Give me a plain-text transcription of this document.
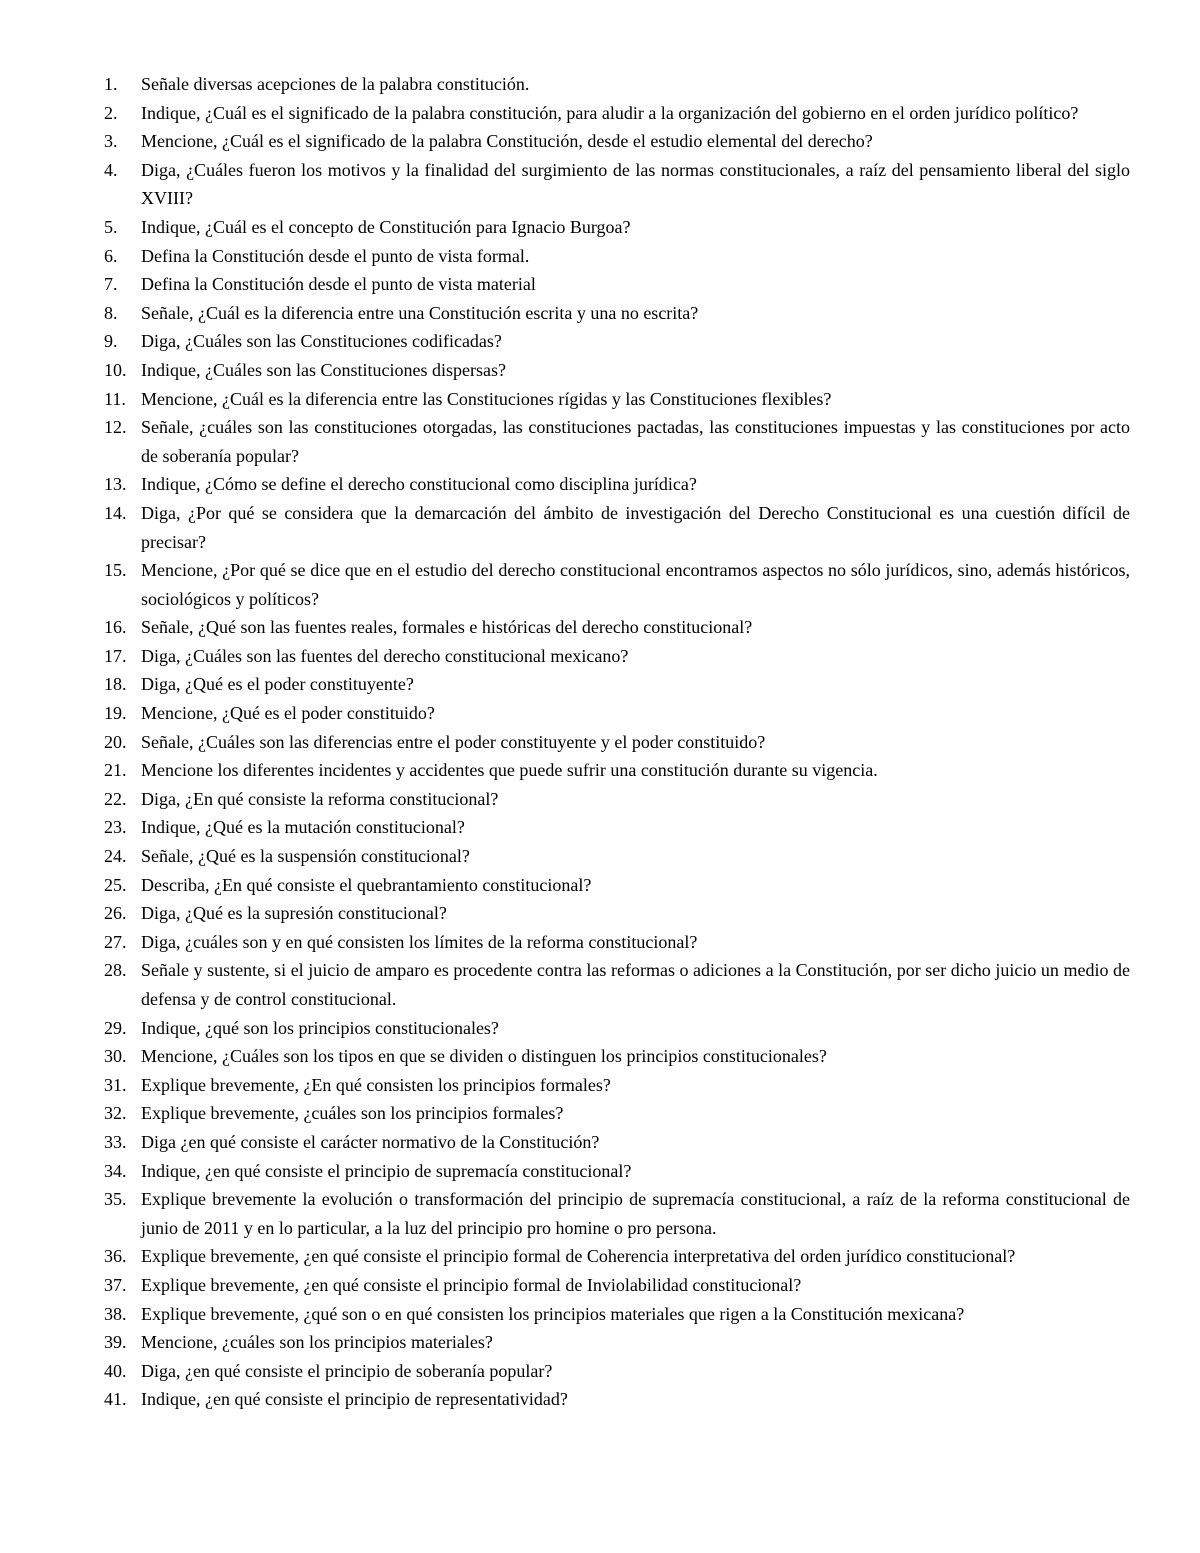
1. Señale diversas acepciones de la palabra constitución.
2. Indique, ¿Cuál es el significado de la palabra constitución, para aludir a la organización del gobierno en el orden jurídico político?
3. Mencione, ¿Cuál es el significado de la palabra Constitución, desde el estudio elemental del derecho?
4. Diga, ¿Cuáles fueron los motivos y la finalidad del surgimiento de las normas constitucionales, a raíz del pensamiento liberal del siglo XVIII?
5. Indique, ¿Cuál es el concepto de Constitución para Ignacio Burgoa?
6. Defina la Constitución desde el punto de vista formal.
7. Defina la Constitución desde el punto de vista material
8. Señale, ¿Cuál es la diferencia entre una Constitución escrita y una no escrita?
9. Diga, ¿Cuáles son las Constituciones codificadas?
10. Indique, ¿Cuáles son las Constituciones dispersas?
11. Mencione, ¿Cuál es la diferencia entre las Constituciones rígidas y las Constituciones flexibles?
12. Señale, ¿cuáles son las constituciones otorgadas, las constituciones pactadas, las constituciones impuestas y las constituciones por acto de soberanía popular?
13. Indique, ¿Cómo se define el derecho constitucional como disciplina jurídica?
14. Diga, ¿Por qué se considera que la demarcación del ámbito de investigación del Derecho Constitucional es una cuestión difícil de precisar?
15. Mencione, ¿Por qué se dice que en el estudio del derecho constitucional encontramos aspectos no sólo jurídicos, sino, además históricos, sociológicos y políticos?
16. Señale, ¿Qué son las fuentes reales, formales e históricas del derecho constitucional?
17. Diga, ¿Cuáles son las fuentes del derecho constitucional mexicano?
18. Diga, ¿Qué es el poder constituyente?
19. Mencione, ¿Qué es el poder constituido?
20. Señale, ¿Cuáles son las diferencias entre el poder constituyente y el poder constituido?
21. Mencione los diferentes incidentes y accidentes que puede sufrir una constitución durante su vigencia.
22. Diga, ¿En qué consiste la reforma constitucional?
23. Indique, ¿Qué es la mutación constitucional?
24. Señale, ¿Qué es la suspensión constitucional?
25. Describa, ¿En qué consiste el quebrantamiento constitucional?
26. Diga, ¿Qué es la supresión constitucional?
27. Diga, ¿cuáles son y en qué consisten los límites de la reforma constitucional?
28. Señale y sustente, si el juicio de amparo es procedente contra las reformas o adiciones a la Constitución, por ser dicho juicio un medio de defensa y de control constitucional.
29. Indique, ¿qué son los principios constitucionales?
30. Mencione, ¿Cuáles son los tipos en que se dividen o distinguen los principios constitucionales?
31. Explique brevemente, ¿En qué consisten los principios formales?
32. Explique brevemente, ¿cuáles son los principios formales?
33. Diga ¿en qué consiste el carácter normativo de la Constitución?
34. Indique, ¿en qué consiste el principio de supremacía constitucional?
35. Explique brevemente la evolución o transformación del principio de supremacía constitucional, a raíz de la reforma constitucional de junio de 2011 y en lo particular, a la luz del principio pro homine o pro persona.
36. Explique brevemente, ¿en qué consiste el principio formal de Coherencia interpretativa del orden jurídico constitucional?
37. Explique brevemente, ¿en qué consiste el principio formal de Inviolabilidad constitucional?
38. Explique brevemente, ¿qué son o en qué consisten los principios materiales que rigen a la Constitución mexicana?
39. Mencione, ¿cuáles son los principios materiales?
40. Diga, ¿en qué consiste el principio de soberanía popular?
41. Indique, ¿en qué consiste el principio de representatividad?
